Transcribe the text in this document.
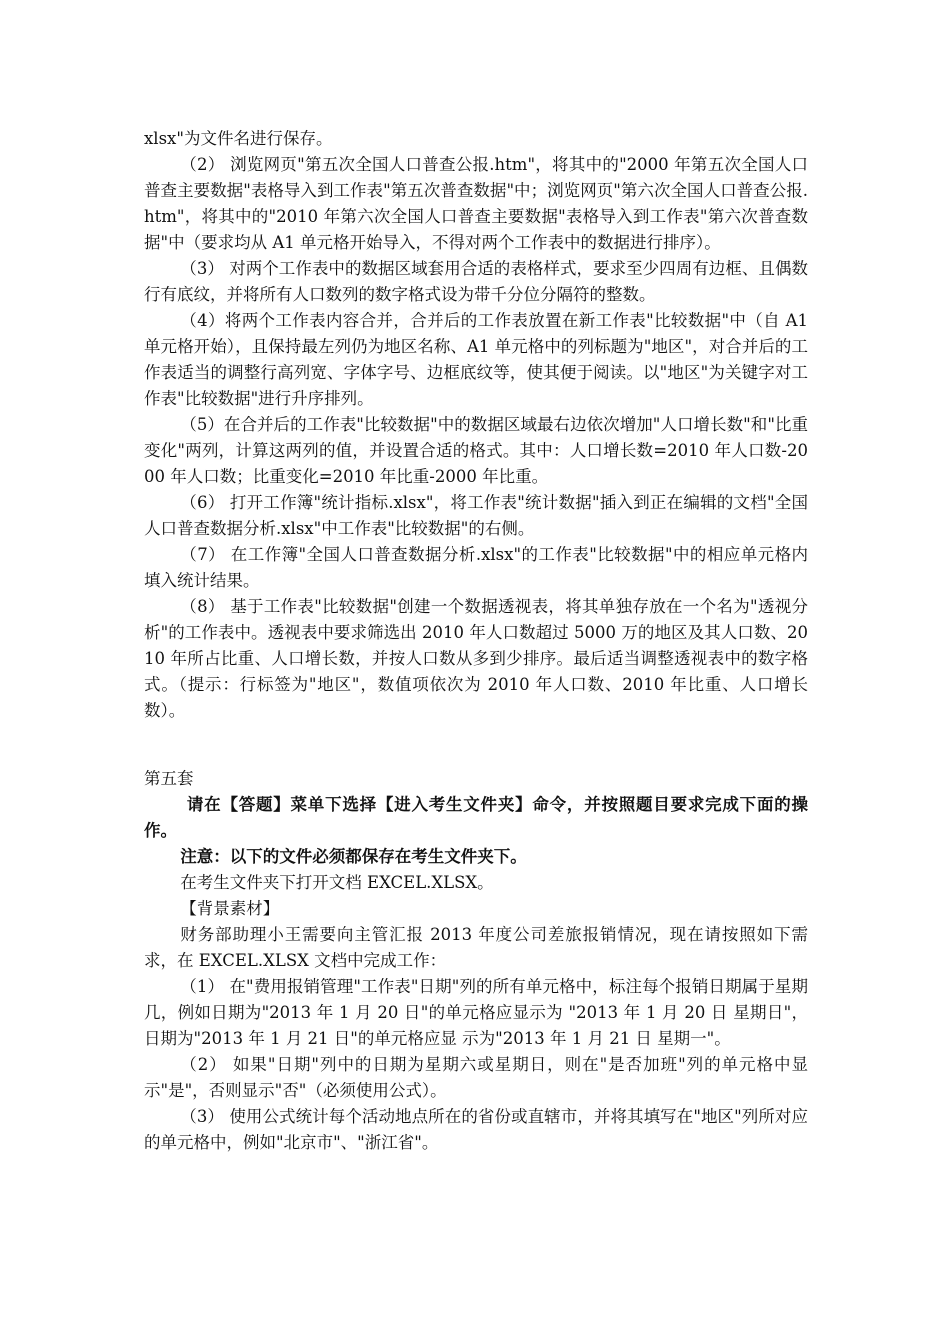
xlsx"为文件名进行保存。

（2） 浏览网页"第五次全国人口普查公报.htm"，将其中的"2000 年第五次全国人口普查主要数据"表格导入到工作表"第五次普查数据"中；浏览网页"第六次全国人口普查公报.htm"，将其中的"2010 年第六次全国人口普查主要数据"表格导入到工作表"第六次普查数据"中（要求均从 A1 单元格开始导入，不得对两个工作表中的数据进行排序）。

（3） 对两个工作表中的数据区域套用合适的表格样式，要求至少四周有边框、且偶数行有底纹，并将所有人口数列的数字格式设为带千分位分隔符的整数。

（4）将两个工作表内容合并，合并后的工作表放置在新工作表"比较数据"中（自 A1 单元格开始），且保持最左列仍为地区名称、A1 单元格中的列标题为"地区"，对合并后的工作表适当的调整行高列宽、字体字号、边框底纹等，使其便于阅读。以"地区"为关键字对工作表"比较数据"进行升序排列。

（5）在合并后的工作表"比较数据"中的数据区域最右边依次增加"人口增长数"和"比重变化"两列，计算这两列的值，并设置合适的格式。其中：人口增长数=2010 年人口数-2000 年人口数；比重变化=2010 年比重-2000 年比重。

（6） 打开工作簿"统计指标.xlsx"，将工作表"统计数据"插入到正在编辑的文档"全国人口普查数据分析.xlsx"中工作表"比较数据"的右侧。

（7） 在工作簿"全国人口普查数据分析.xlsx"的工作表"比较数据"中的相应单元格内填入统计结果。

（8） 基于工作表"比较数据"创建一个数据透视表，将其单独存放在一个名为"透视分析"的工作表中。透视表中要求筛选出 2010 年人口数超过 5000 万的地区及其人口数、2010 年所占比重、人口增长数，并按人口数从多到少排序。最后适当调整透视表中的数字格式。（提示：行标签为"地区"，数值项依次为 2010 年人口数、2010 年比重、人口增长数）。

第五套

请在【答题】菜单下选择【进入考生文件夹】命令，并按照题目要求完成下面的操作。

注意：以下的文件必须都保存在考生文件夹下。

在考生文件夹下打开文档 EXCEL.XLSX。

【背景素材】

财务部助理小王需要向主管汇报 2013 年度公司差旅报销情况，现在请按照如下需求，在 EXCEL.XLSX 文档中完成工作：

（1） 在"费用报销管理"工作表"日期"列的所有单元格中，标注每个报销日期属于星期几，例如日期为"2013 年 1 月 20 日"的单元格应显示为 "2013 年 1 月 20 日 星期日"，日期为"2013 年 1 月 21 日"的单元格应显 示为"2013 年 1 月 21 日 星期一"。

（2） 如果"日期"列中的日期为星期六或星期日，则在"是否加班"列的单元格中显示"是"，否则显示"否"（必须使用公式）。

（3） 使用公式统计每个活动地点所在的省份或直辖市，并将其填写在"地区"列所对应的单元格中，例如"北京市"、"浙江省"。
